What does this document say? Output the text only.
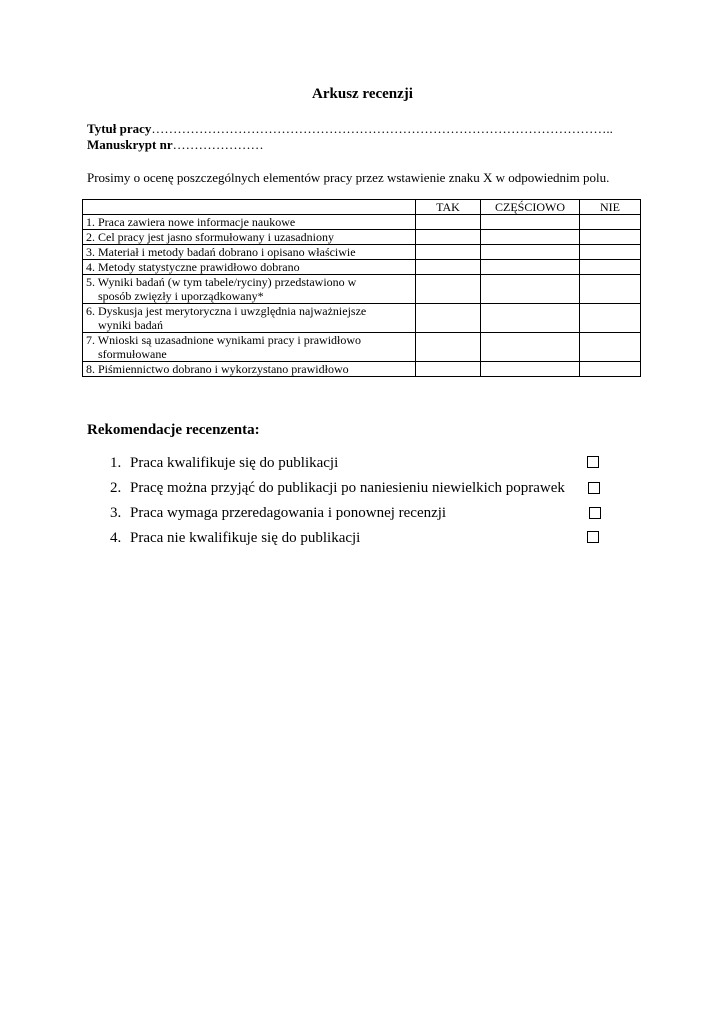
Arkusz recenzji
Tytuł pracy……………………………………………………………………………………………..
Manuskrypt nr…………………
Prosimy o ocenę poszczególnych elementów pracy przez wstawienie znaku X w odpowiednim polu.
	TAK	CZĘŚCIOWO	NIE
1. Praca zawiera nowe informacje naukowe			
2. Cel pracy jest jasno sformułowany i uzasadniony			
3. Materiał i metody badań dobrano i opisano właściwie			
4. Metody statystyczne prawidłowo dobrano			
5. Wyniki badań (w tym tabele/ryciny) przedstawiono w
sposób zwięzły i uporządkowany*			

6. Dyskusja jest merytoryczna i uwzględnia najważniejsze
wyniki badań			

7. Wnioski są uzasadnione wynikami pracy i prawidłowo
sformułowane			

8. Piśmiennictwo dobrano i wykorzystano prawidłowo			
Rekomendacje recenzenta:
1. Praca kwalifikuje się do publikacji
2. Pracę można przyjąć do publikacji po naniesieniu niewielkich poprawek
3. Praca wymaga przeredagowania i ponownej recenzji
4. Praca nie kwalifikuje się do publikacji
